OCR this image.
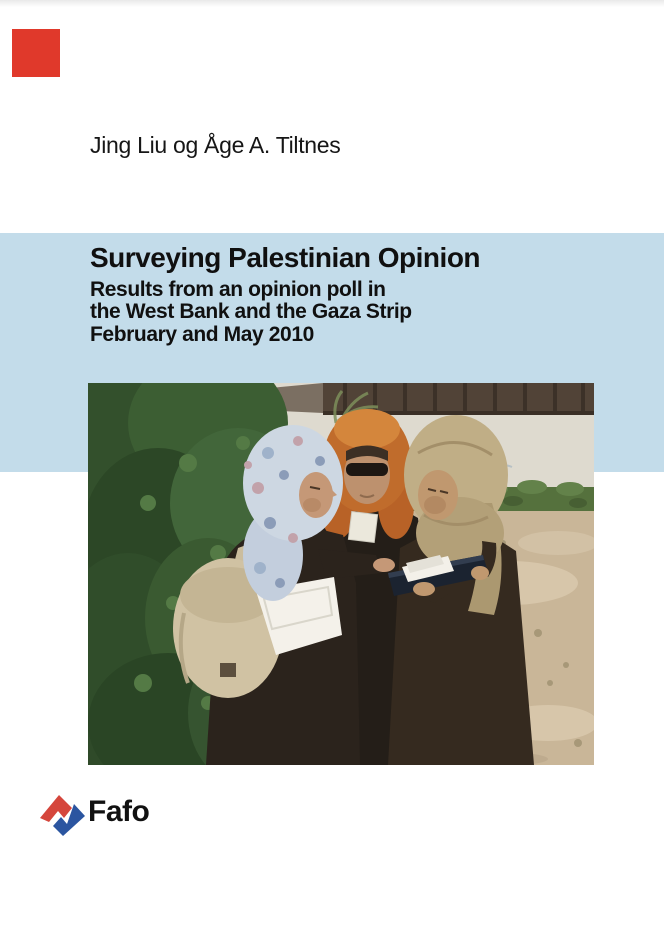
Jing Liu og Åge A. Tiltnes
Surveying Palestinian Opinion
Results from an opinion poll in
the West Bank and the Gaza Strip
February and May 2010
Fafo
